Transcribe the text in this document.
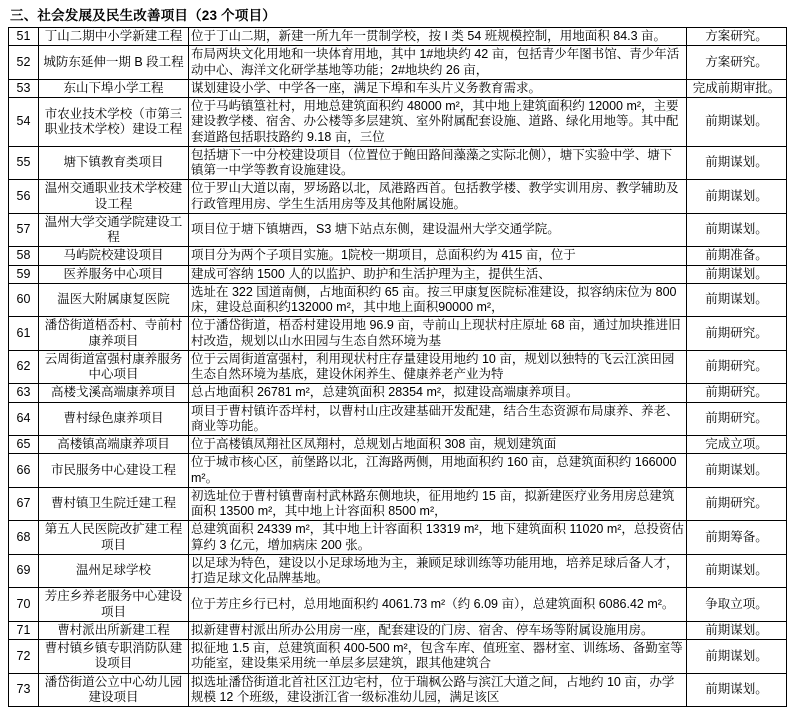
三、社会发展及民生改善项目（23 个项目）
51	丁山二期中小学新建工程	位于丁山二期，新建一所九年一贯制学校，按 I 类 54 班规模控制，用地面积 84.3 亩。	方案研究。
52	城防东延伸一期 B 段工程	布局两块文化用地和一块体育用地，其中 1#地块约 42 亩，包括青少年图书馆、青少年活动中心、海洋文化研学基地等功能；2#地块约 26 亩，	方案研究。
53	东山下埠小学工程	谋划建设小学、中学各一座，满足下埠和车头片义务教育需求。	完成前期审批。
54	市农业技术学校（市第三职业技术学校）建设工程	位于马屿镇篁社村，用地总建筑面积约 48000 m²，其中地上建筑面积约 12000 m²，主要建设教学楼、宿舍、办公楼等多层建筑、室外附属配套设施、道路、绿化用地等。其中配套道路包括职技路约 9.18 亩，三位	前期谋划。
55	塘下镇教育类项目	包括塘下一中分校建设项目（位置位于鲍田路间藻藻之实际北侧），塘下实验中学、塘下镇第一中学等教育设施建设。	前期谋划。
56	温州交通职业技术学校建设工程	位于罗山大道以南，罗场路以北，凤港路西首。包括教学楼、教学实训用房、教学辅助及行政管理用房、学生生活用房等及其他附属设施。	前期谋划。
57	温州大学交通学院建设工程	项目位于塘下镇塘西，S3 塘下站点东侧，建设温州大学交通学院。	前期谋划。
58	马屿院校建设项目	项目分为两个子项目实施。1院校一期项目，总面积约为 415 亩，位于	前期准备。
59	医养服务中心项目	建成可容纳 1500 人的以监护、助护和生活护理为主，提供生活、	前期谋划。
60	温医大附属康复医院	选址在 322 国道南侧，占地面积约 65 亩。按三甲康复医院标准建设，拟容纳床位为 800 床，建设总面积约132000 m²，其中地上面积90000 m²，	前期谋划。
61	潘岱街道梧岙村、寺前村康养项目	位于潘岱街道，梧岙村建设用地 96.9 亩，寺前山上现状村庄原址 68 亩，通过加块推进旧村改造，规划以山水田园与生态自然环境为基	前期研究。
62	云周街道富强村康养服务中心项目	位于云周街道富强村，利用现状村庄存量建设用地约 10 亩，规划以独特的飞云江滨田园生态自然环境为基底，建设休闲养生、健康养老产业为特	前期研究。
63	高楼戈溪高端康养项目	总占地面积 26781 m²，总建筑面积 28354 m²，拟建设高端康养项目。	前期研究。
64	曹村绿色康养项目	项目于曹村镇许岙垟村，以曹村山庄改建基础开发配建，结合生态资源布局康养、养老、商业等功能。	前期研究。
65	高楼镇高端康养项目	位于高楼镇凤翔社区凤翔村，总规划占地面积 308 亩，规划建筑面	完成立项。
66	市民服务中心建设工程	位于城市核心区，前堡路以北，江海路两侧，用地面积约 160 亩，总建筑面积约 166000 m²。	前期谋划。
67	曹村镇卫生院迁建工程	初选址位于曹村镇曹南村武林路东侧地块，征用地约 15 亩，拟新建医疗业务用房总建筑面积 13500 m²，其中地上计容面积 8500 m²，	前期研究。
68	第五人民医院改扩建工程项目	总建筑面积 24339 m²，其中地上计容面积 13319 m²，地下建筑面积 11020 m²，总投资估算约 3 亿元，增加病床 200 张。	前期筹备。
69	温州足球学校	以足球为特色，建设以小足球场地为主，兼顾足球训练等功能用地，培养足球后备人才，打造足球文化品牌基地。	前期谋划。
70	芳庄乡养老服务中心建设项目	位于芳庄乡行已村，总用地面积约 4061.73 m²（约 6.09 亩），总建筑面积 6086.42 m²。	争取立项。
71	曹村派出所新建工程	拟新建曹村派出所办公用房一座，配套建设的门房、宿舍、停车场等附属设施用房。	前期谋划。
72	曹村镇乡镇专职消防队建设项目	拟征地 1.5 亩，总建筑面积 400-500 m²，包含车库、值班室、器材室、训练场、备勤室等功能室，建设集采用统一单层多层建筑，跟其他建筑合	前期谋划。
73	潘岱街道公立中心幼儿园建设项目	拟选址潘岱街道北首社区江边宅村，位于瑞枫公路与滨江大道之间，占地约 10 亩，办学规模 12 个班级，建设浙江省一级标准幼儿园，满足该区	前期谋划。
